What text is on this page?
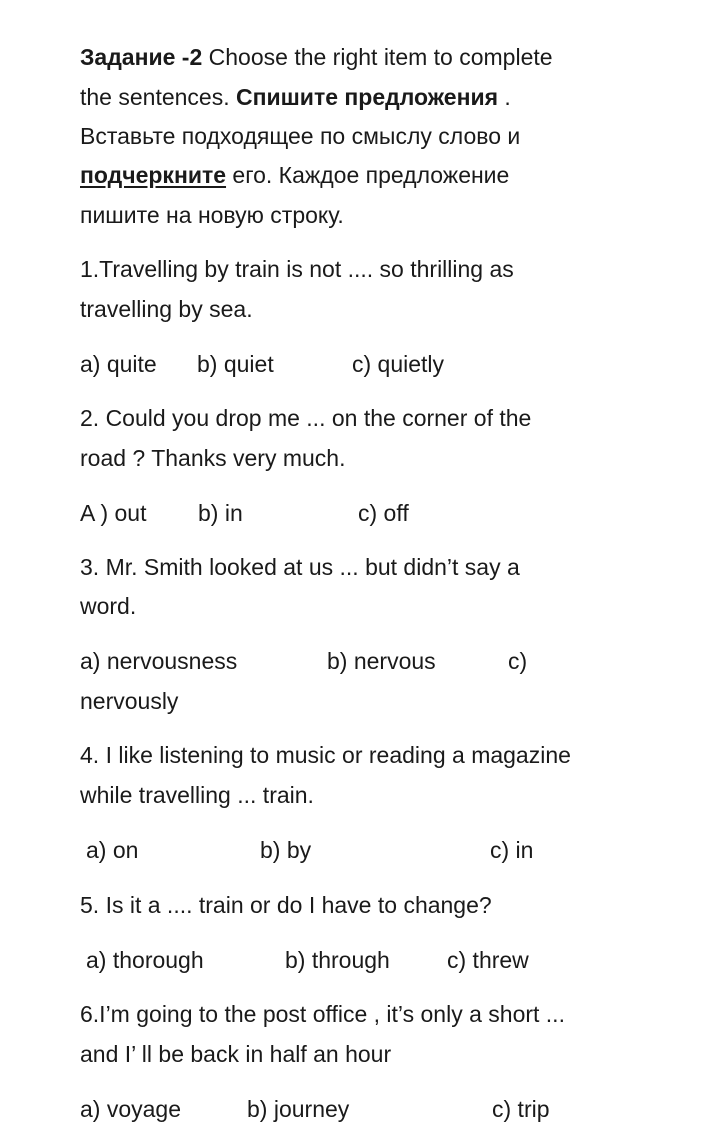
Задание -2 Choose the right item to complete
the sentences. Спишите предложения .
Вставьте подходящее по смыслу слово и
подчеркните его. Каждое предложение
пишите на новую строку.
1.Travelling by train is not .... so thrilling as
travelling by sea.
a) quite b) quiet	c) quietly
2. Could you drop me ... on the corner of the
road ? Thanks very much.
A ) out b) in	c) off
3. Mr. Smith looked at us ... but didn’t say a
word.
a) nervousness	b) nervous	c)
nervously
4. I like listening to music or reading a magazine
while travelling ... train.
a) on	b) by	c) in
5. Is it a .... train or do I have to change?
a) thorough	b) through c) threw
6.I’m going to the post office , it’s only a short ...
and I’ ll be back in half an hour
a) voyage	b) journey	c) trip
